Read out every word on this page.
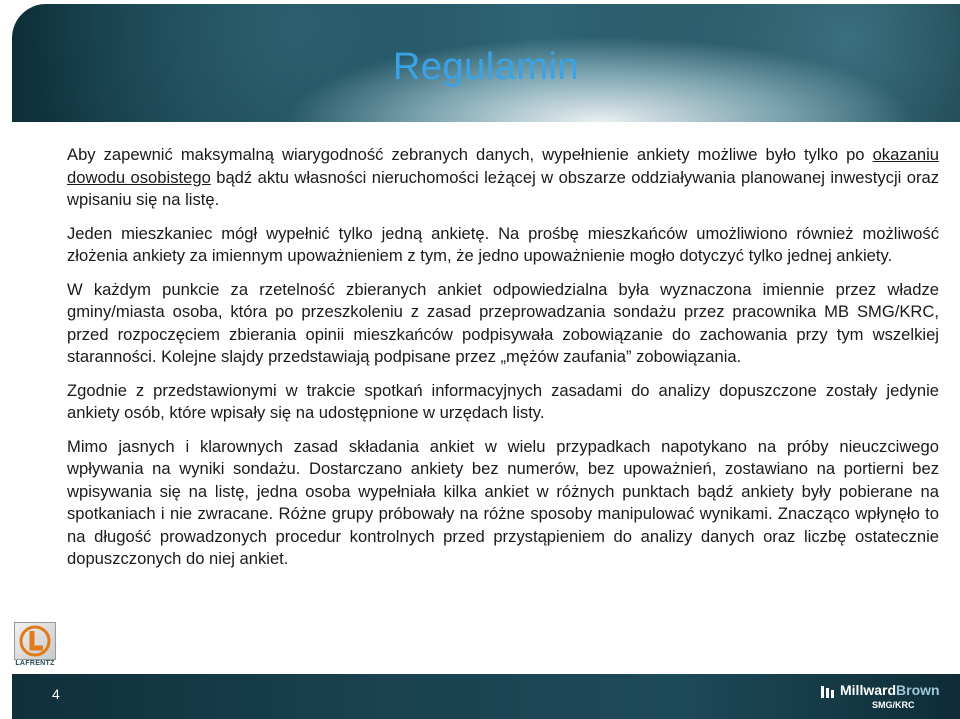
Regulamin

Aby zapewnić maksymalną wiarygodność zebranych danych, wypełnienie ankiety możliwe było tylko po okazaniu dowodu osobistego bądź aktu własności nieruchomości leżącej w obszarze oddziaływania planowanej inwestycji oraz wpisaniu się na listę.

Jeden mieszkaniec mógł wypełnić tylko jedną ankietę. Na prośbę mieszkańców umożliwiono również możliwość złożenia ankiety za imiennym upoważnieniem z tym, że jedno upoważnienie mogło dotyczyć tylko jednej ankiety.

W każdym punkcie za rzetelność zbieranych ankiet odpowiedzialna była wyznaczona imiennie przez władze gminy/miasta osoba, która po przeszkoleniu z zasad przeprowadzania sondażu przez pracownika MB SMG/KRC, przed rozpoczęciem zbierania opinii mieszkańców podpisywała zobowiązanie do zachowania przy tym wszelkiej staranności. Kolejne slajdy przedstawiają podpisane przez „mężów zaufania” zobowiązania.

Zgodnie z przedstawionymi w trakcie spotkań informacyjnych zasadami do analizy dopuszczone zostały jedynie ankiety osób, które wpisały się na udostępnione w urzędach listy.

Mimo jasnych i klarownych zasad składania ankiet w wielu przypadkach napotykano na próby nieuczciwego wpływania na wyniki sondażu. Dostarczano ankiety bez numerów, bez upoważnień, zostawiano na portierni bez wpisywania się na listę, jedna osoba wypełniała kilka ankiet w różnych punktach bądź ankiety były pobierane na spotkaniach i nie zwracane. Różne grupy próbowały na różne sposoby manipulować wynikami. Znacząco wpłynęło to na długość prowadzonych procedur kontrolnych przed przystąpieniem do analizy danych oraz liczbę ostatecznie dopuszczonych do niej ankiet.

LAFRENTZ
4	MillwardBrown
SMG/KRC
